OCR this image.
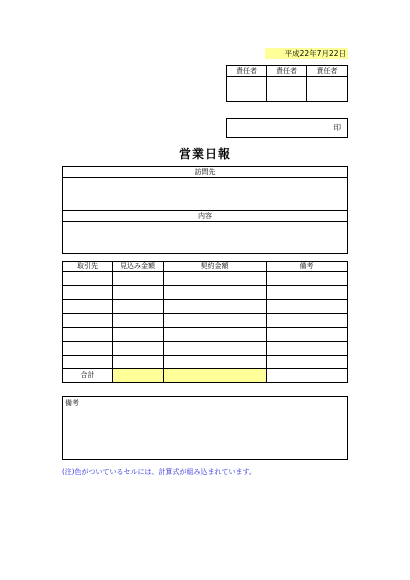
平成22年7月22日
責任者	責任者	責任者
印
営業日報
訪問先
内容
取引先	見込み金額	契約金額	備考
合計
備考
(注)色がついているセルには、計算式が組み込まれています。
